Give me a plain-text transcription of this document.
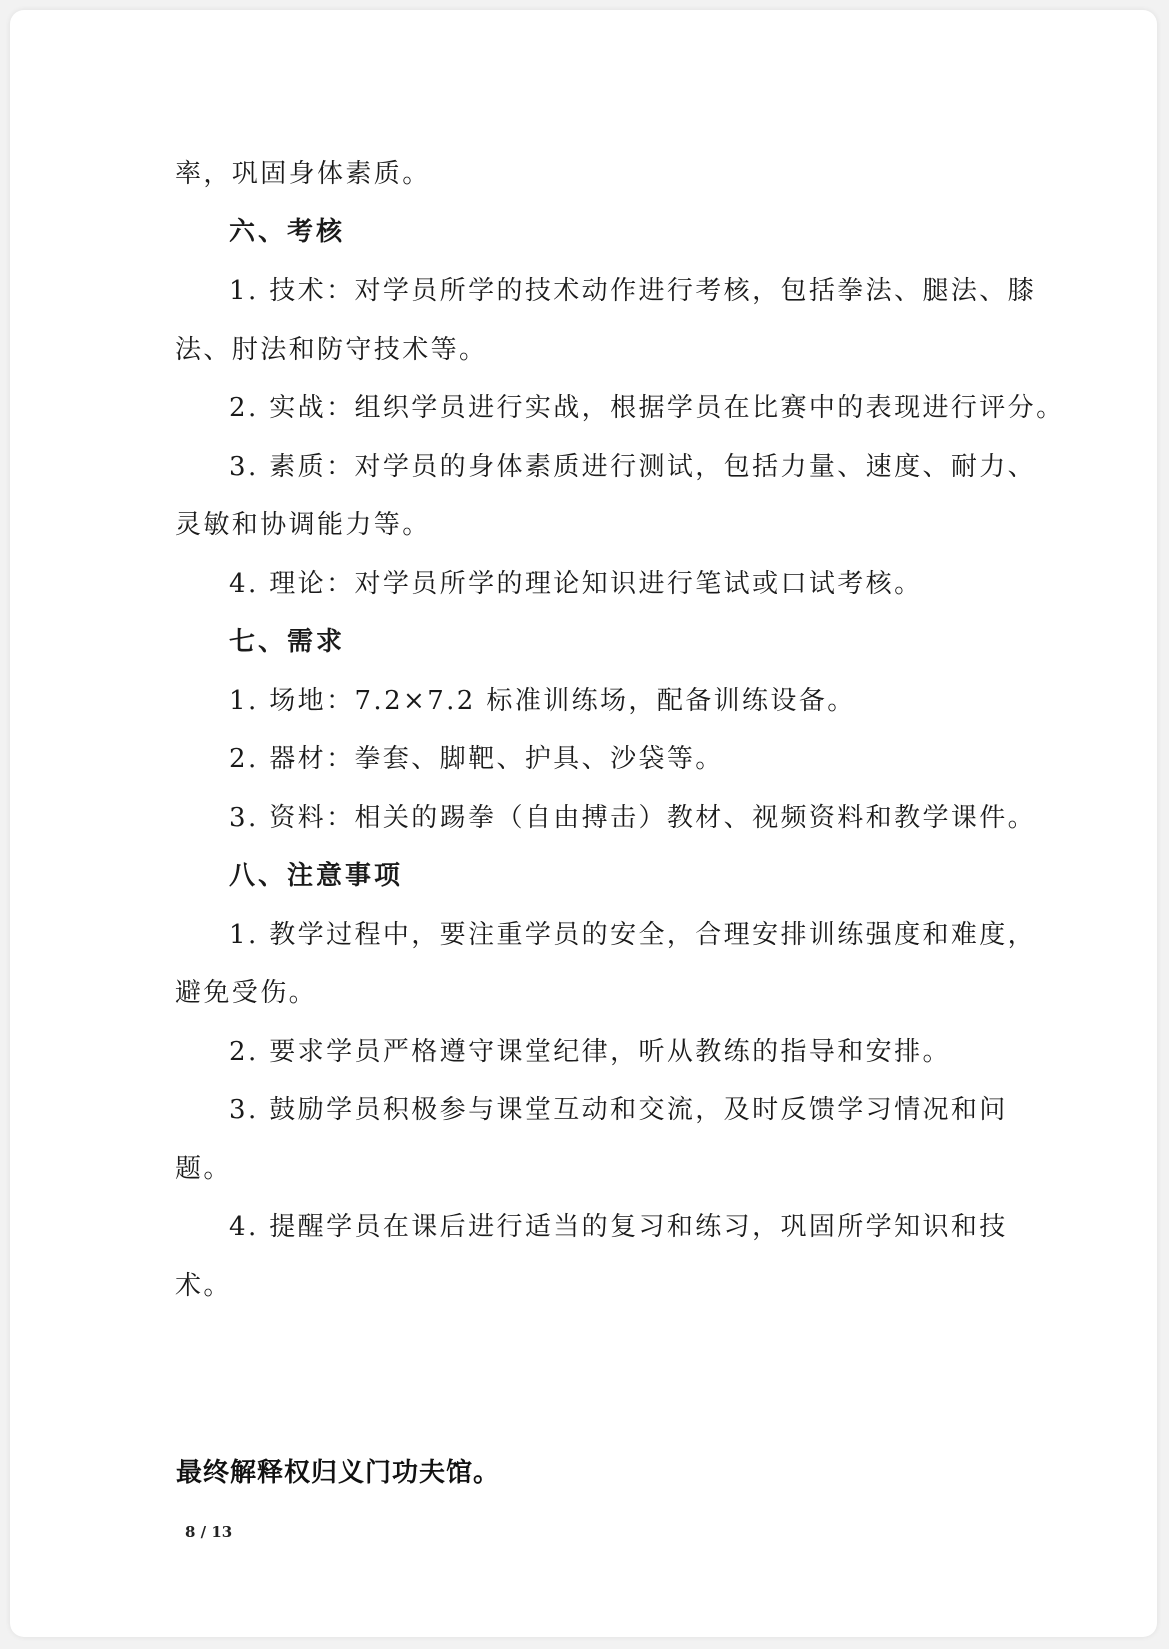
率，巩固身体素质。
六、考核
1. 技术：对学员所学的技术动作进行考核，包括拳法、腿法、膝
法、肘法和防守技术等。
2. 实战：组织学员进行实战，根据学员在比赛中的表现进行评分。
3. 素质：对学员的身体素质进行测试，包括力量、速度、耐力、
灵敏和协调能力等。
4. 理论：对学员所学的理论知识进行笔试或口试考核。
七、需求
1. 场地：7.2×7.2 标准训练场，配备训练设备。
2. 器材：拳套、脚靶、护具、沙袋等。
3. 资料：相关的踢拳（自由搏击）教材、视频资料和教学课件。
八、注意事项
1. 教学过程中，要注重学员的安全，合理安排训练强度和难度，
避免受伤。
2. 要求学员严格遵守课堂纪律，听从教练的指导和安排。
3. 鼓励学员积极参与课堂互动和交流，及时反馈学习情况和问
题。
4. 提醒学员在课后进行适当的复习和练习，巩固所学知识和技
术。
最终解释权归义门功夫馆。
8 / 13
